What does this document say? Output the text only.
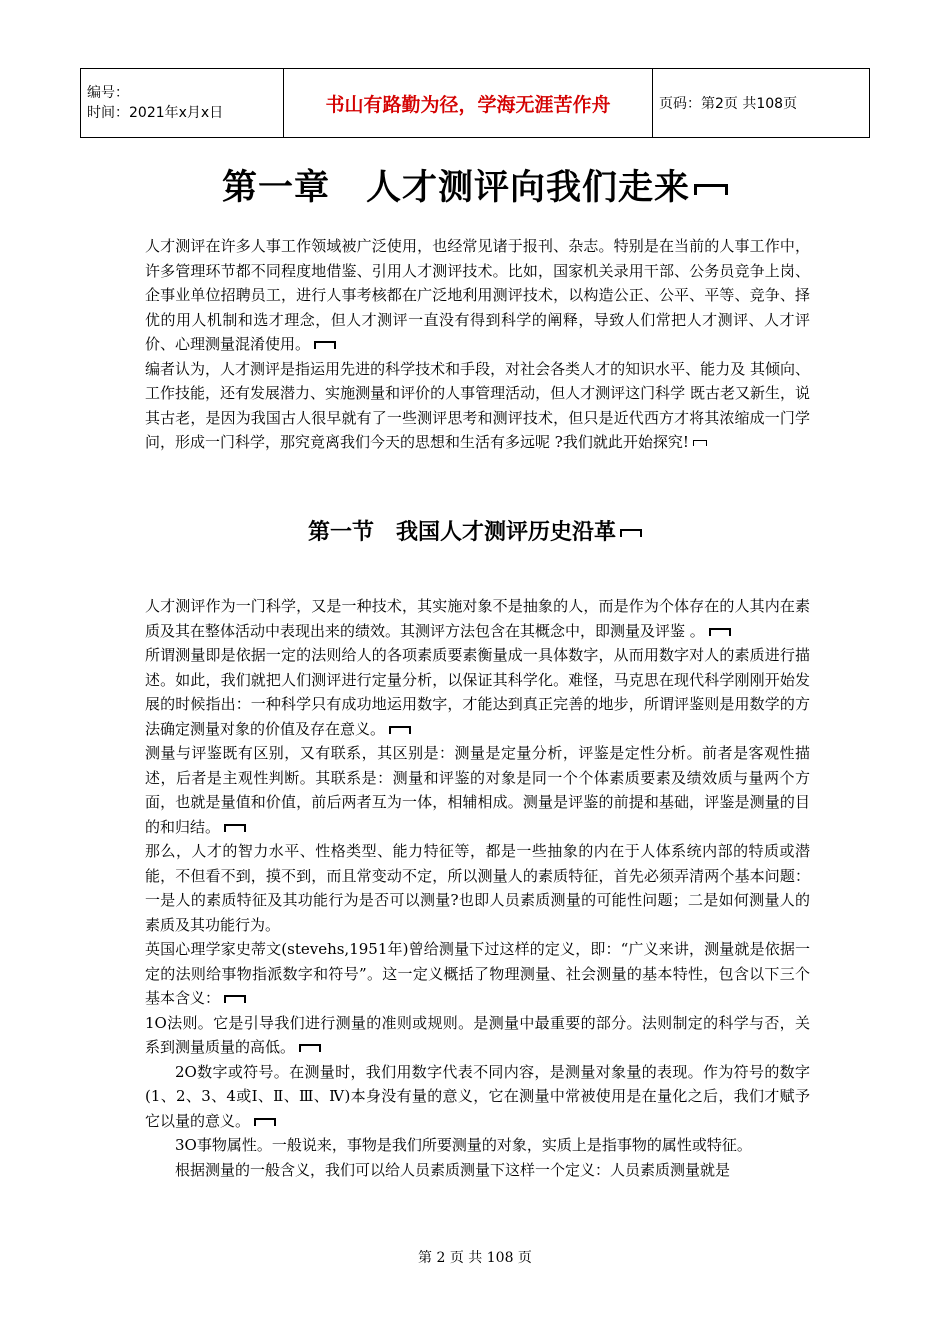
编号：
时间：2021年x月x日	书山有路勤为径，学海无涯苦作舟	页码：第2页 共108页
第一章　人才测评向我们走来

人才测评在许多人事工作领域被广泛使用，也经常见诸于报刊、杂志。特别是在当前的人事工作中，许多管理环节都不同程度地借鉴、引用人才测评技术。比如，国家机关录用干部、公务员竞争上岗、企事业单位招聘员工，进行人事考核都在广泛地利用测评技术，以构造公正、公平、平等、竞争、择优的用人机制和选才理念，但人才测评一直没有得到科学的阐释，导致人们常把人才测评、人才评价、心理测量混淆使用。

编者认为，人才测评是指运用先进的科学技术和手段，对社会各类人才的知识水平、能力及 其倾向、工作技能，还有发展潜力、实施测量和评价的人事管理活动，但人才测评这门科学 既古老又新生，说其古老，是因为我国古人很早就有了一些测评思考和测评技术，但只是近代西方才将其浓缩成一门学问，形成一门科学，那究竟离我们今天的思想和生活有多远呢 ?我们就此开始探究!

第一节　我国人才测评历史沿革

人才测评作为一门科学，又是一种技术，其实施对象不是抽象的人，而是作为个体存在的人其内在素质及其在整体活动中表现出来的绩效。其测评方法包含在其概念中，即测量及评鉴 。

所谓测量即是依据一定的法则给人的各项素质要素衡量成一具体数字，从而用数字对人的素质进行描述。如此，我们就把人们测评进行定量分析，以保证其科学化。难怪，马克思在现代科学刚刚开始发展的时候指出：一种科学只有成功地运用数字，才能达到真正完善的地步，所谓评鉴则是用数学的方法确定测量对象的价值及存在意义。

测量与评鉴既有区别，又有联系，其区别是：测量是定量分析，评鉴是定性分析。前者是客观性描述，后者是主观性判断。其联系是：测量和评鉴的对象是同一个个体素质要素及绩效质与量两个方面，也就是量值和价值，前后两者互为一体，相辅相成。测量是评鉴的前提和基础，评鉴是测量的目的和归结。

那么，人才的智力水平、性格类型、能力特征等，都是一些抽象的内在于人体系统内部的特质或潜能，不但看不到，摸不到，而且常变动不定，所以测量人的素质特征，首先必须弄清两个基本问题：一是人的素质特征及其功能行为是否可以测量?也即人员素质测量的可能性问题；二是如何测量人的素质及其功能行为。

英国心理学家史蒂文(stevehs,1951年)曾给测量下过这样的定义，即：“广义来讲，测量就是依据一定的法则给事物指派数字和符号”。这一定义概括了物理测量、社会测量的基本特性，包含以下三个基本含义：

1O法则。它是引导我们进行测量的准则或规则。是测量中最重要的部分。法则制定的科学与否，关系到测量质量的高低。

2O数字或符号。在测量时，我们用数字代表不同内容，是测量对象量的表现。作为符号的数字(1、2、3、4或Ⅰ、Ⅱ、Ⅲ、Ⅳ)本身没有量的意义，它在测量中常被使用是在量化之后，我们才赋予它以量的意义。

3O事物属性。一般说来，事物是我们所要测量的对象，实质上是指事物的属性或特征。

根据测量的一般含义，我们可以给人员素质测量下这样一个定义：人员素质测量就是

第 2 页 共 108 页
